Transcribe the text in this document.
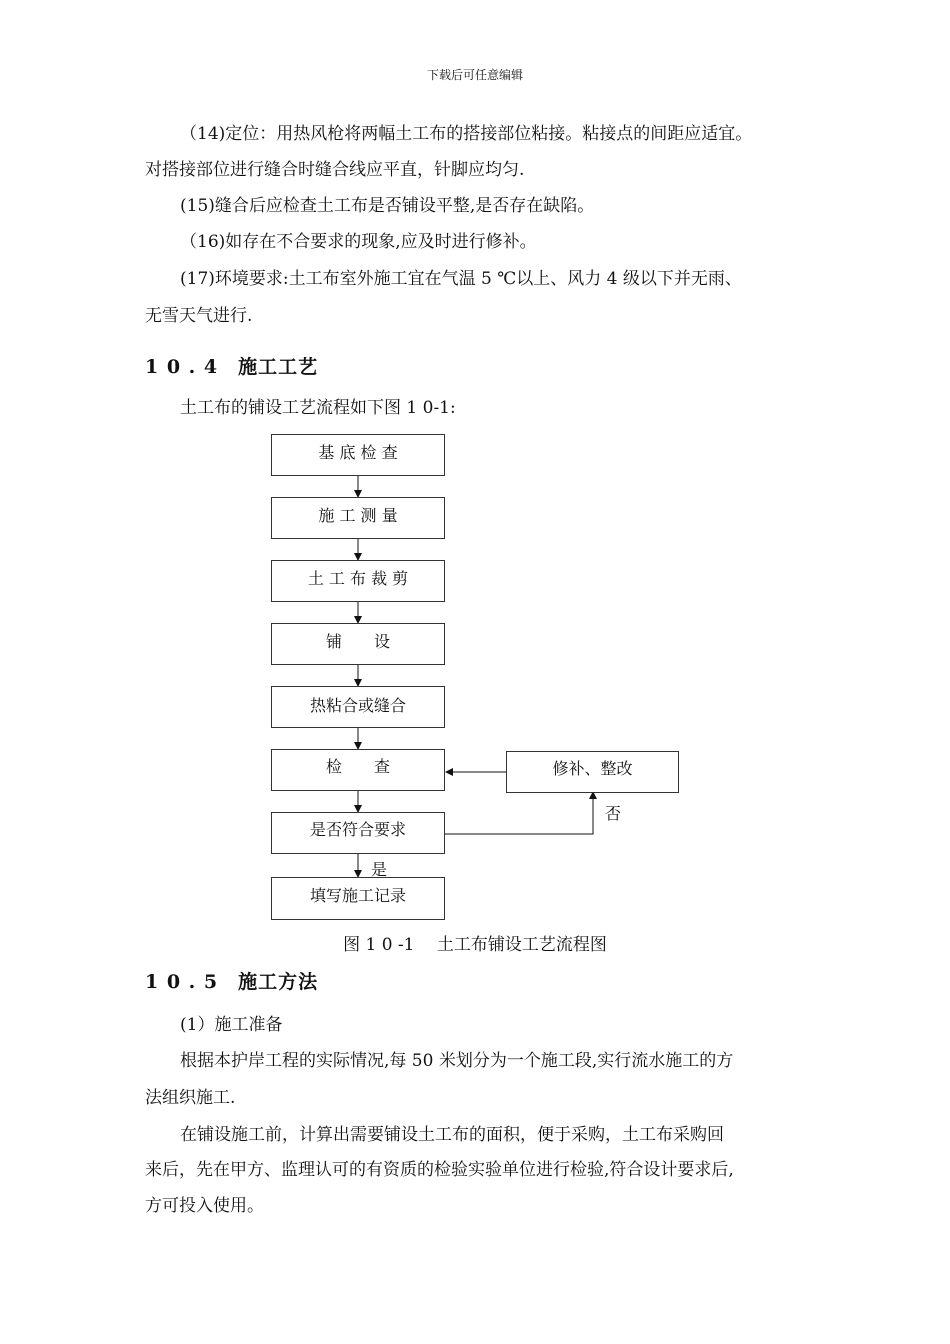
下载后可任意编辑
（14)定位：用热风枪将两幅土工布的搭接部位粘接。粘接点的间距应适宜。
对搭接部位进行缝合时缝合线应平直，针脚应均匀.
(15)缝合后应检查土工布是否铺设平整,是否存在缺陷。
（16)如存在不合要求的现象,应及时进行修补。
(17)环境要求:土工布室外施工宜在气温 5 ℃以上、风力 4 级以下并无雨、
无雪天气进行.
1 0 . 4　施工工艺
土工布的铺设工艺流程如下图 1 0-1:
基 底 检 查
施 工 测 量
土 工 布 裁 剪
铺　　设
热粘合或缝合
检　　查
是否符合要求
填写施工记录
修补、整改
否
是
图 1 0 -1　 土工布铺设工艺流程图
1 0 . 5　施工方法
(1）施工准备
根据本护岸工程的实际情况,每 50 米划分为一个施工段,实行流水施工的方
法组织施工.
在铺设施工前，计算出需要铺设土工布的面积，便于采购，土工布采购回
来后，先在甲方、监理认可的有资质的检验实验单位进行检验,符合设计要求后,
方可投入使用。
